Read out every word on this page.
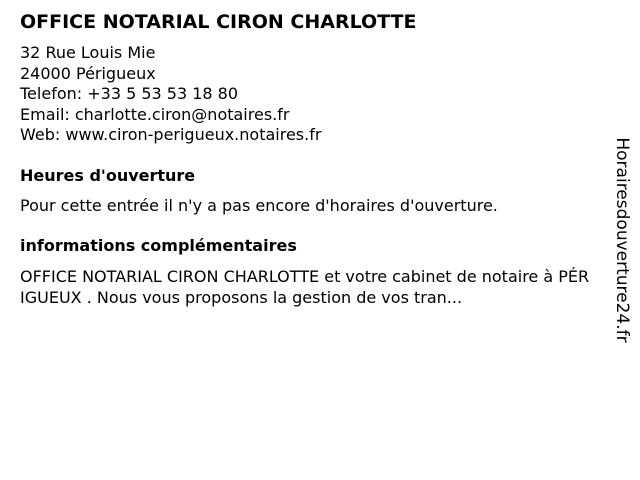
OFFICE NOTARIAL CIRON CHARLOTTE
32 Rue Louis Mie
24000 Périgueux
Telefon: +33 5 53 53 18 80
Email: charlotte.ciron@notaires.fr
Web: www.ciron-perigueux.notaires.fr
Heures d'ouverture
Pour cette entrée il n'y a pas encore d'horaires d'ouverture.
informations complémentaires
OFFICE NOTARIAL CIRON CHARLOTTE et votre cabinet de notaire à PÉRIGUEUX . Nous vous proposons la gestion de vos tran...	Horairesdouverture24.fr
